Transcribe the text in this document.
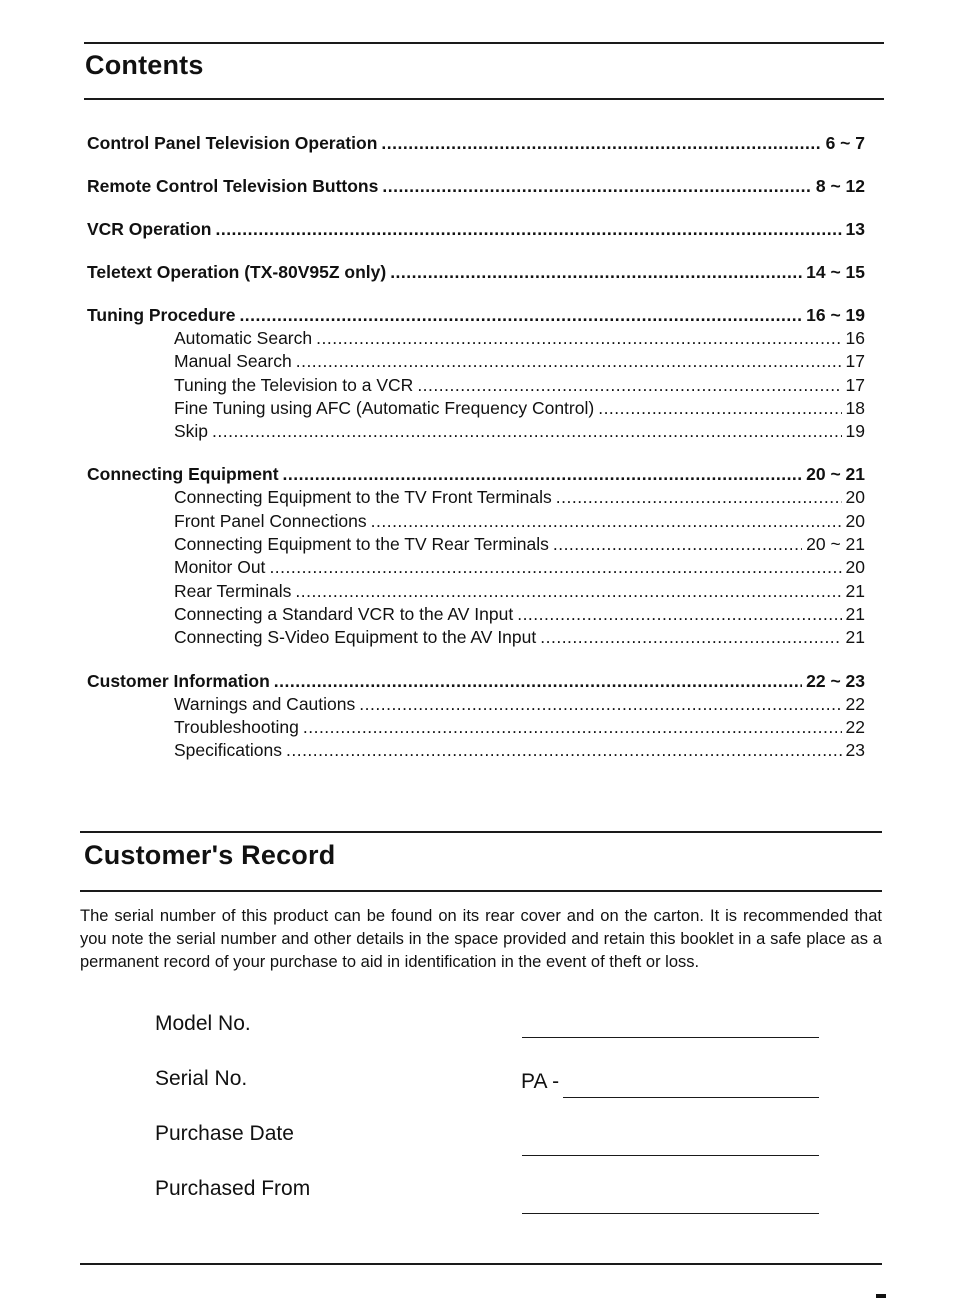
Contents
Control Panel Television Operation .....	6 ~ 7
Remote Control Television Buttons .....	8 ~ 12
VCR Operation .....	13
Teletext Operation (TX-80V95Z only) .....	14 ~ 15
Tuning Procedure .....	16 ~ 19
Automatic Search .....	16
Manual Search .....	17
Tuning the Television to a VCR .....	17
Fine Tuning using AFC (Automatic Frequency Control) .....	18
Skip .....	19
Connecting Equipment .....	20 ~ 21
Connecting Equipment to the TV Front Terminals .....	20
Front Panel Connections .....	20
Connecting Equipment to the TV Rear Terminals .....	20 ~ 21
Monitor Out .....	20
Rear Terminals .....	21
Connecting a Standard VCR to the AV Input .....	21
Connecting S-Video Equipment to the AV Input .....	21
Customer Information .....	22 ~ 23
Warnings and Cautions .....	22
Troubleshooting .....	22
Specifications .....	23
Customer's Record
The serial number of this product can be found on its rear cover and on the carton. It is recommended that you note the serial number and other details in the space provided and retain this booklet in a safe place as a permanent record of your purchase to aid in identification in the event of theft or loss.
Model No.
Serial No.	PA -
Purchase Date
Purchased From
